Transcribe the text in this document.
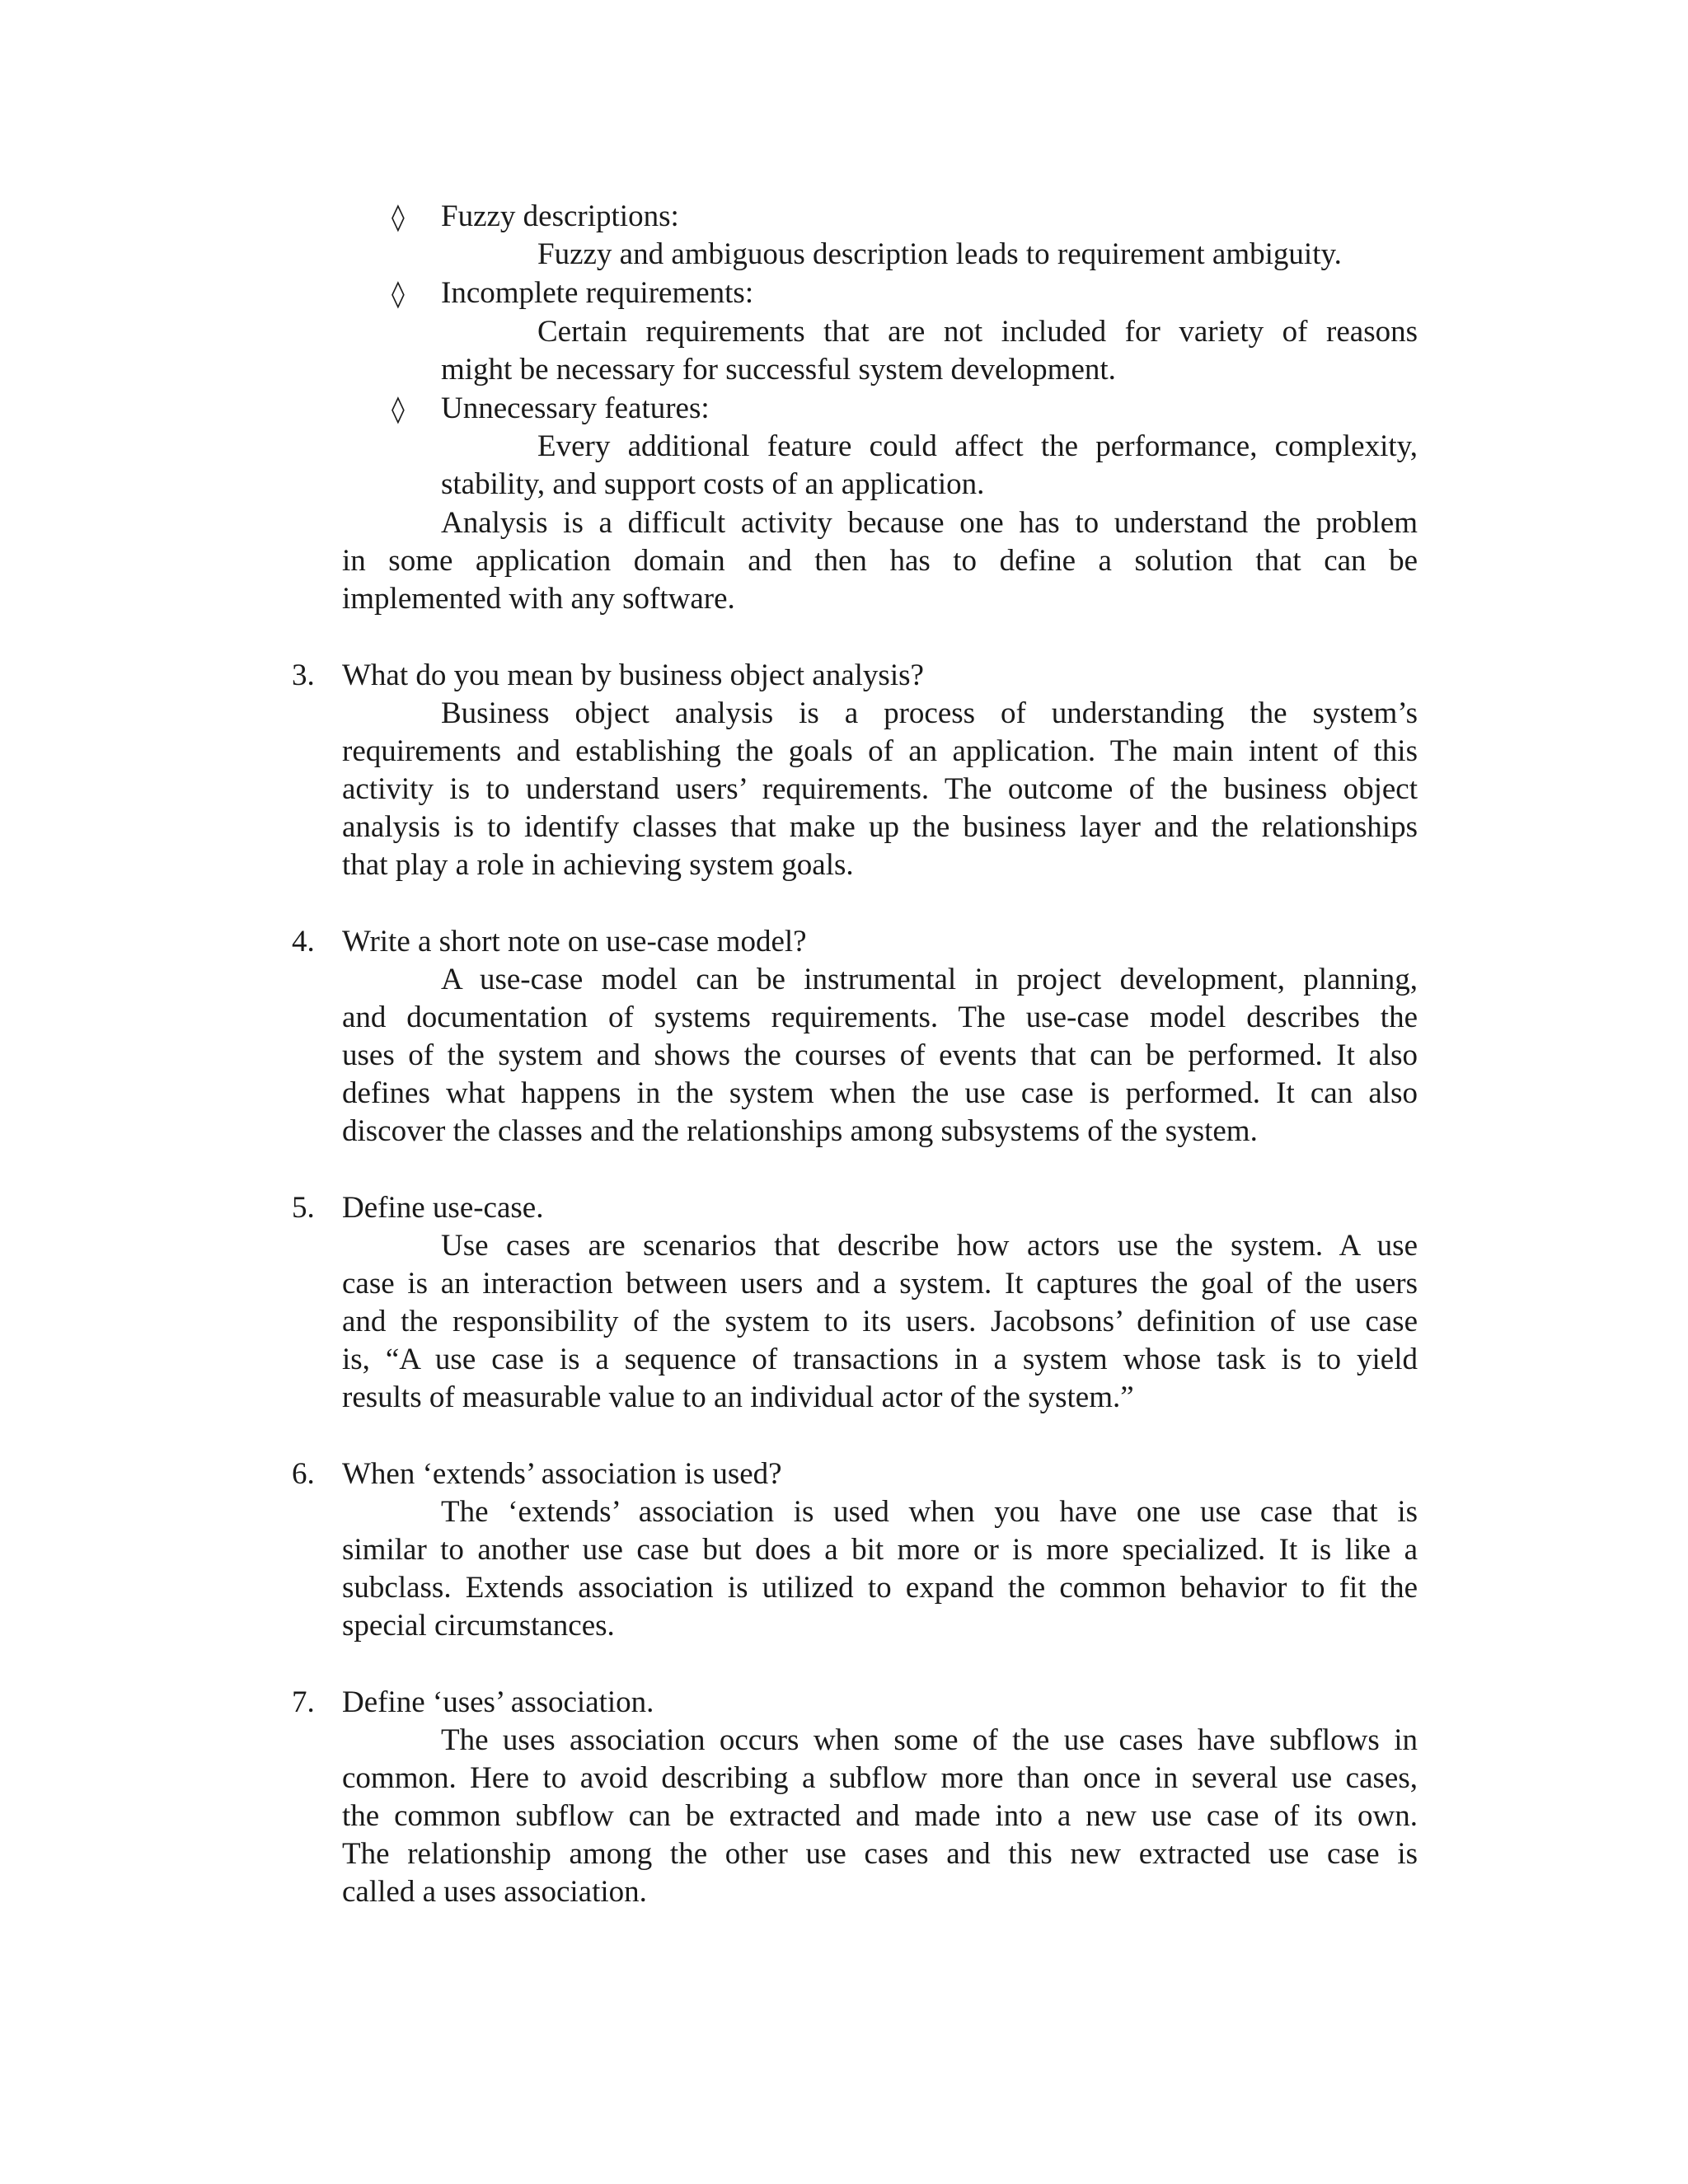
◊ Fuzzy descriptions:
Fuzzy and ambiguous description leads to requirement ambiguity.
◊ Incomplete requirements:
Certain requirements that are not included for variety of reasons
might be necessary for successful system development.
◊ Unnecessary features:
Every additional feature could affect the performance, complexity,
stability, and support costs of an application.
Analysis is a difficult activity because one has to understand the problem
in some application domain and then has to define a solution that can be
implemented with any software.
3. What do you mean by business object analysis?
Business object analysis is a process of understanding the system’s
requirements and establishing the goals of an application. The main intent of this
activity is to understand users’ requirements. The outcome of the business object
analysis is to identify classes that make up the business layer and the relationships
that play a role in achieving system goals.
4. Write a short note on use-case model?
A use-case model can be instrumental in project development, planning,
and documentation of systems requirements. The use-case model describes the
uses of the system and shows the courses of events that can be performed. It also
defines what happens in the system when the use case is performed. It can also
discover the classes and the relationships among subsystems of the system.
5. Define use-case.
Use cases are scenarios that describe how actors use the system. A use
case is an interaction between users and a system. It captures the goal of the users
and the responsibility of the system to its users. Jacobsons’ definition of use case
is, “A use case is a sequence of transactions in a system whose task is to yield
results of measurable value to an individual actor of the system.”
6. When ‘extends’ association is used?
The ‘extends’ association is used when you have one use case that is
similar to another use case but does a bit more or is more specialized. It is like a
subclass. Extends association is utilized to expand the common behavior to fit the
special circumstances.
7. Define ‘uses’ association.
The uses association occurs when some of the use cases have subflows in
common. Here to avoid describing a subflow more than once in several use cases,
the common subflow can be extracted and made into a new use case of its own.
The relationship among the other use cases and this new extracted use case is
called a uses association.
